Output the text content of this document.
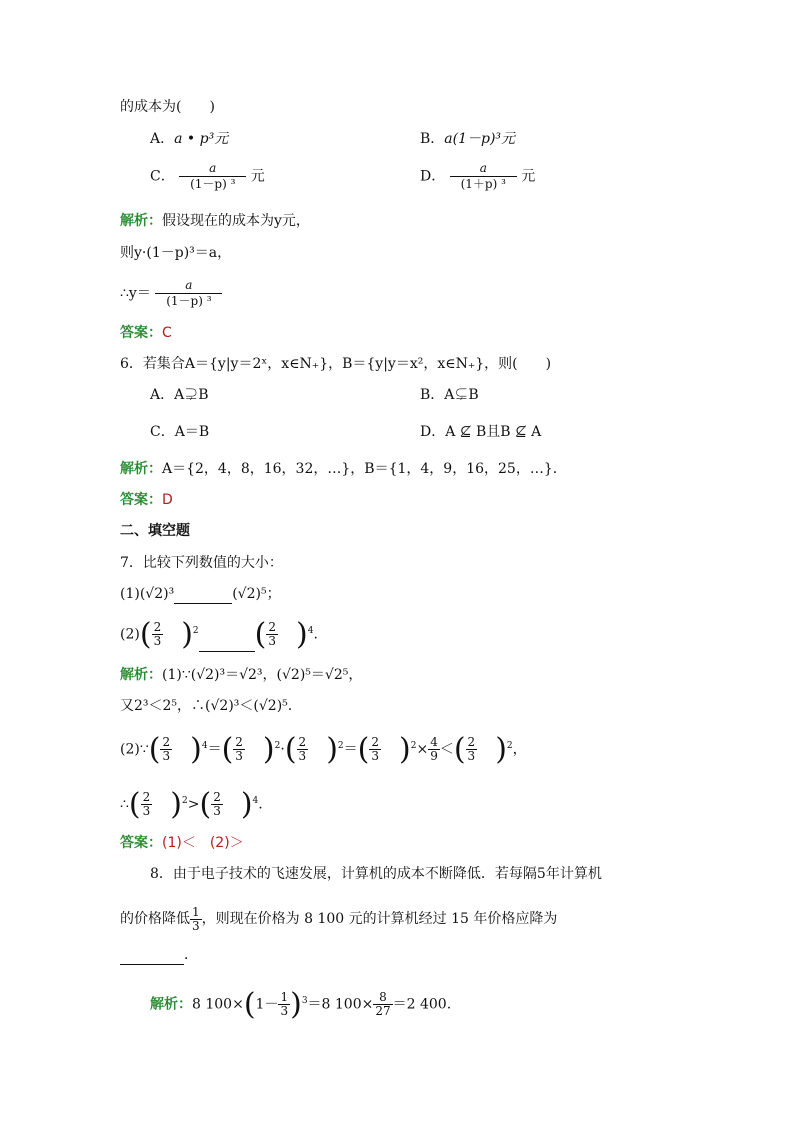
的成本为(　　)
A．a • p³元	B．a(1－p)³元
C． $\frac{a}{\text{(1－p) ³}}$ 元	D． $\frac{a}{\text{(1＋p) ³}}$ 元
解析：假设现在的成本为y元，
则y·(1－p)³＝a，
∴y＝ $\frac{a}{\text{(1－p) ³}}$
答案：C
6．若集合A＝{y|y＝2ˣ，x∈N₊}，B＝{y|y＝x²，x∈N₊}，则(　　)
A．A⊋B	B．A⊊B
C．A＝B	D．A ⊈ B且B ⊈ A
解析：A＝{2，4，8，16，32，…}，B＝{1，4，9，16，25，…}．
答案：D
二、填空题
7．比较下列数值的大小：
(1)(√2)³	(√2)⁵；
$(2)( \frac{2}{3} )^2$ ( $\frac{2}{3} )^4$.
解析：(1)∵(√2)³＝√2³，(√2)⁵＝√2⁵，
又2³＜2⁵，∴(√2)³＜(√2)⁵.
(2)∵( $\frac{2}{3} )^4=( \frac{2}{3} )^2\cdot( \frac{2}{3} )^2=( \frac{2}{3} )^2\times \frac{4}{9}$ ＜( $\frac{2}{3} )^2$，
∴( $\frac{2}{3} )^2>( \frac{2}{3} )^4$.
答案：(1)＜　(2)＞
8．由于电子技术的飞速发展，计算机的成本不断降低．若每隔5年计算机
的价格降低 $\frac{1}{3}$ ，则现在价格为 8 100 元的计算机经过 15 年价格应降为
．
解析：8 $100\times(1- \frac{1}{3} )^3=8$ $100\times \frac{8}{27} =2$ 400.
